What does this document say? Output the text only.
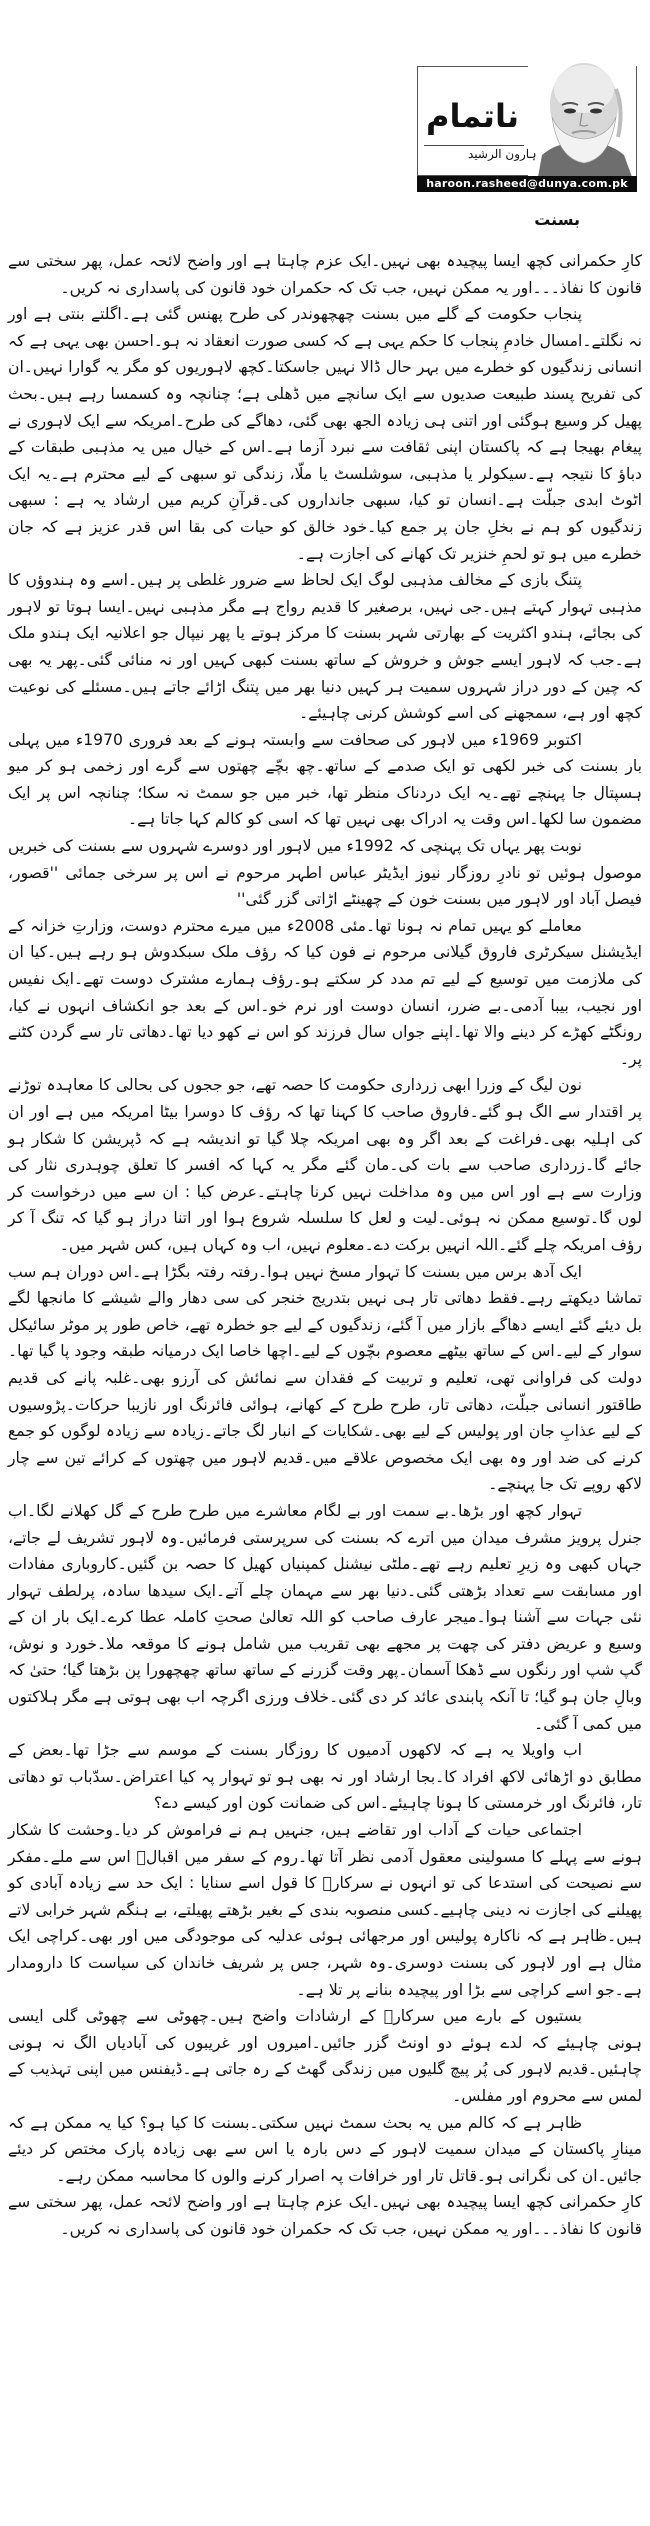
ناتمام
ہارون الرشید
haroon.rasheed@dunya.com.pk
بسنت

کارِ حکمرانی کچھ ایسا پیچیدہ بھی نہیں۔ایک عزم چاہتا ہے اور واضح لائحہ عمل، پھر سختی سے قانون کا نفاذ۔۔۔اور یہ ممکن نہیں، جب تک کہ حکمران خود قانون کی پاسداری نہ کریں۔

پنجاب حکومت کے گلے میں بسنت چھچھوندر کی طرح پھنس گئی ہے۔اگلتے بنتی ہے اور نہ نگلتے۔امسال خادمِ پنجاب کا حکم یہی ہے کہ کسی صورت انعقاد نہ ہو۔احسن بھی یہی ہے کہ انسانی زندگیوں کو خطرے میں بہر حال ڈالا نہیں جاسکتا۔کچھ لاہوریوں کو مگر یہ گوارا نہیں۔ان کی تفریح پسند طبیعت صدیوں سے ایک سانچے میں ڈھلی ہے؛ چنانچہ وہ کسمسا رہے ہیں۔بحث پھیل کر وسیع ہوگئی اور اتنی ہی زیادہ الجھ بھی گئی، دھاگے کی طرح۔امریکہ سے ایک لاہوری نے پیغام بھیجا ہے کہ پاکستان اپنی ثقافت سے نبرد آزما ہے۔اس کے خیال میں یہ مذہبی طبقات کے دباؤ کا نتیجہ ہے۔سیکولر یا مذہبی، سوشلسٹ یا ملّا، زندگی تو سبھی کے لیے محترم ہے۔یہ ایک اٹوٹ ابدی جبلّت ہے۔انسان تو کیا، سبھی جانداروں کی۔قرآنِ کریم میں ارشاد یہ ہے : سبھی زندگیوں کو ہم نے بخلِ جان پر جمع کیا۔خود خالق کو حیات کی بقا اس قدر عزیز ہے کہ جان خطرے میں ہو تو لحمِ خنزیر تک کھانے کی اجازت ہے۔

پتنگ بازی کے مخالف مذہبی لوگ ایک لحاظ سے ضرور غلطی پر ہیں۔اسے وہ ہندوؤں کا مذہبی تہوار کہتے ہیں۔جی نہیں، برصغیر کا قدیم رواج ہے مگر مذہبی نہیں۔ایسا ہوتا تو لاہور کی بجائے، ہندو اکثریت کے بھارتی شہر بسنت کا مرکز ہوتے یا پھر نیپال جو اعلانیہ ایک ہندو ملک ہے۔جب کہ لاہور ایسے جوش و خروش کے ساتھ بسنت کبھی کہیں اور نہ منائی گئی۔پھر یہ بھی کہ چین کے دور دراز شہروں سمیت ہر کہیں دنیا بھر میں پتنگ اڑائے جاتے ہیں۔مسئلے کی نوعیت کچھ اور ہے، سمجھنے کی اسے کوشش کرنی چاہیئے۔

اکتوبر 1969ء میں لاہور کی صحافت سے وابستہ ہونے کے بعد فروری 1970ء میں پہلی بار بسنت کی خبر لکھی تو ایک صدمے کے ساتھ۔چھ بچّے چھتوں سے گرے اور زخمی ہو کر میو ہسپتال جا پہنچے تھے۔یہ ایک دردناک منظر تھا، خبر میں جو سمٹ نہ سکا؛ چنانچہ اس پر ایک مضمون سا لکھا۔اس وقت یہ ادراک بھی نہیں تھا کہ اسی کو کالم کہا جاتا ہے۔

نوبت پھر یہاں تک پہنچی کہ 1992ء میں لاہور اور دوسرے شہروں سے بسنت کی خبریں موصول ہوئیں تو نادرِ روزگار نیوز ایڈیٹر عباس اطہر مرحوم نے اس پر سرخی جمائی ''قصور، فیصل آباد اور لاہور میں بسنت خون کے چھینٹے اڑاتی گزر گئی''

معاملے کو یہیں تمام نہ ہونا تھا۔مئی 2008ء میں میرے محترم دوست، وزارتِ خزانہ کے ایڈیشنل سیکرٹری فاروق گیلانی مرحوم نے فون کیا کہ رؤف ملک سبکدوش ہو رہے ہیں۔کیا ان کی ملازمت میں توسیع کے لیے تم مدد کر سکتے ہو۔رؤف ہمارے مشترک دوست تھے۔ایک نفیس اور نجیب، بیبا آدمی۔بے ضرر، انسان دوست اور نرم خو۔اس کے بعد جو انکشاف انہوں نے کیا، رونگٹے کھڑے کر دینے والا تھا۔اپنے جواں سال فرزند کو اس نے کھو دیا تھا۔دھاتی تار سے گردن کٹنے پر۔

نون لیگ کے وزرا ابھی زرداری حکومت کا حصہ تھے، جو ججوں کی بحالی کا معاہدہ توڑنے پر اقتدار سے الگ ہو گئے۔فاروق صاحب کا کہنا تھا کہ رؤف کا دوسرا بیٹا امریکہ میں ہے اور ان کی اہلیہ بھی۔فراغت کے بعد اگر وہ بھی امریکہ چلا گیا تو اندیشہ ہے کہ ڈپریشن کا شکار ہو جائے گا۔زرداری صاحب سے بات کی۔مان گئے مگر یہ کہا کہ افسر کا تعلق چوہدری نثار کی وزارت سے ہے اور اس میں وہ مداخلت نہیں کرنا چاہتے۔عرض کیا : ان سے میں درخواست کر لوں گا۔توسیع ممکن نہ ہوئی۔لیت و لعل کا سلسلہ شروع ہوا اور اتنا دراز ہو گیا کہ تنگ آ کر رؤف امریکہ چلے گئے۔اللہ انہیں برکت دے۔معلوم نہیں، اب وہ کہاں ہیں، کس شہر میں۔

ایک آدھ برس میں بسنت کا تہوار مسخ نہیں ہوا۔رفتہ رفتہ بگڑا ہے۔اس دوران ہم سب تماشا دیکھتے رہے۔فقط دھاتی تار ہی نہیں بتدریج خنجر کی سی دھار والے شیشے کا مانجھا لگے بل دیئے گئے ایسے دھاگے بازار میں آ گئے، زندگیوں کے لیے جو خطرہ تھے، خاص طور پر موٹر سائیکل سوار کے لیے۔اس کے ساتھ بیٹھے معصوم بچّوں کے لیے۔اچھا خاصا ایک درمیانہ طبقہ وجود پا گیا تھا۔دولت کی فراوانی تھی، تعلیم و تربیت کے فقدان سے نمائش کی آرزو بھی۔غلبہ پانے کی قدیم طاقتور انسانی جبلّت، دھاتی تار، طرح طرح کے کھانے، ہوائی فائرنگ اور نازیبا حرکات۔پڑوسیوں کے لیے عذابِ جان اور پولیس کے لیے بھی۔شکایات کے انبار لگ جاتے۔زیادہ سے زیادہ لوگوں کو جمع کرنے کی ضد اور وہ بھی ایک مخصوص علاقے میں۔قدیم لاہور میں چھتوں کے کرائے تین سے چار لاکھ روپے تک جا پہنچے۔

تہوار کچھ اور بڑھا۔بے سمت اور بے لگام معاشرے میں طرح طرح کے گل کھلانے لگا۔اب جنرل پرویز مشرف میدان میں اترے کہ بسنت کی سرپرستی فرمائیں۔وہ لاہور تشریف لے جاتے، جہاں کبھی وہ زیرِ تعلیم رہے تھے۔ملٹی نیشنل کمپنیاں کھیل کا حصہ بن گئیں۔کاروباری مفادات اور مسابقت سے تعداد بڑھتی گئی۔دنیا بھر سے مہمان چلے آتے۔ایک سیدھا سادہ، پرلطف تہوار نئی جہات سے آشنا ہوا۔میجر عارف صاحب کو اللہ تعالیٰ صحتِ کاملہ عطا کرے۔ایک بار ان کے وسیع و عریض دفتر کی چھت پر مجھے بھی تقریب میں شامل ہونے کا موقعہ ملا۔خورد و نوش، گپ شپ اور رنگوں سے ڈھکا آسمان۔پھر وقت گزرنے کے ساتھ ساتھ چھچھورا پن بڑھتا گیا؛ حتیٰ کہ وبالِ جان ہو گیا؛ تا آنکہ پابندی عائد کر دی گئی۔خلاف ورزی اگرچہ اب بھی ہوتی ہے مگر ہلاکتوں میں کمی آ گئی۔

اب واویلا یہ ہے کہ لاکھوں آدمیوں کا روزگار بسنت کے موسم سے جڑا تھا۔بعض کے مطابق دو اڑھائی لاکھ افراد کا۔بجا ارشاد اور نہ بھی ہو تو تہوار پہ کیا اعتراض۔سدّباب تو دھاتی تار، فائرنگ اور خرمستی کا ہونا چاہیئے۔اس کی ضمانت کون اور کیسے دے؟

اجتماعی حیات کے آداب اور تقاضے ہیں، جنہیں ہم نے فراموش کر دیا۔وحشت کا شکار ہونے سے پہلے کا مسولینی معقول آدمی نظر آتا تھا۔روم کے سفر میں اقبالؔ اس سے ملے۔مفکر سے نصیحت کی استدعا کی تو انہوں نے سرکارؐ کا قول اسے سنایا : ایک حد سے زیادہ آبادی کو پھیلنے کی اجازت نہ دینی چاہیے۔کسی منصوبہ بندی کے بغیر بڑھتے پھیلتے، بے ہنگم شہر خرابی لاتے ہیں۔ظاہر ہے کہ ناکارہ پولیس اور مرجھائی ہوئی عدلیہ کی موجودگی میں اور بھی۔کراچی ایک مثال ہے اور لاہور کی بسنت دوسری۔وہ شہر، جس پر شریف خاندان کی سیاست کا دارومدار ہے۔جو اسے کراچی سے بڑا اور پیچیدہ بنانے پر تلا ہے۔

بستیوں کے بارے میں سرکارؐ کے ارشادات واضح ہیں۔چھوٹی سے چھوٹی گلی ایسی ہونی چاہیئے کہ لدے ہوئے دو اونٹ گزر جائیں۔امیروں اور غریبوں کی آبادیاں الگ نہ ہونی چاہئیں۔قدیم لاہور کی پُر پیچ گلیوں میں زندگی گھٹ کے رہ جاتی ہے۔ڈیفنس میں اپنی تہذیب کے لمس سے محروم اور مفلس۔

ظاہر ہے کہ کالم میں یہ بحث سمٹ نہیں سکتی۔بسنت کا کیا ہو؟ کیا یہ ممکن ہے کہ مینارِ پاکستان کے میدان سمیت لاہور کے دس بارہ یا اس سے بھی زیادہ پارک مختص کر دیئے جائیں۔ان کی نگرانی ہو۔قاتل تار اور خرافات پہ اصرار کرنے والوں کا محاسبہ ممکن رہے۔

کارِ حکمرانی کچھ ایسا پیچیدہ بھی نہیں۔ایک عزم چاہتا ہے اور واضح لائحہ عمل، پھر سختی سے قانون کا نفاذ۔۔۔اور یہ ممکن نہیں، جب تک کہ حکمران خود قانون کی پاسداری نہ کریں۔
